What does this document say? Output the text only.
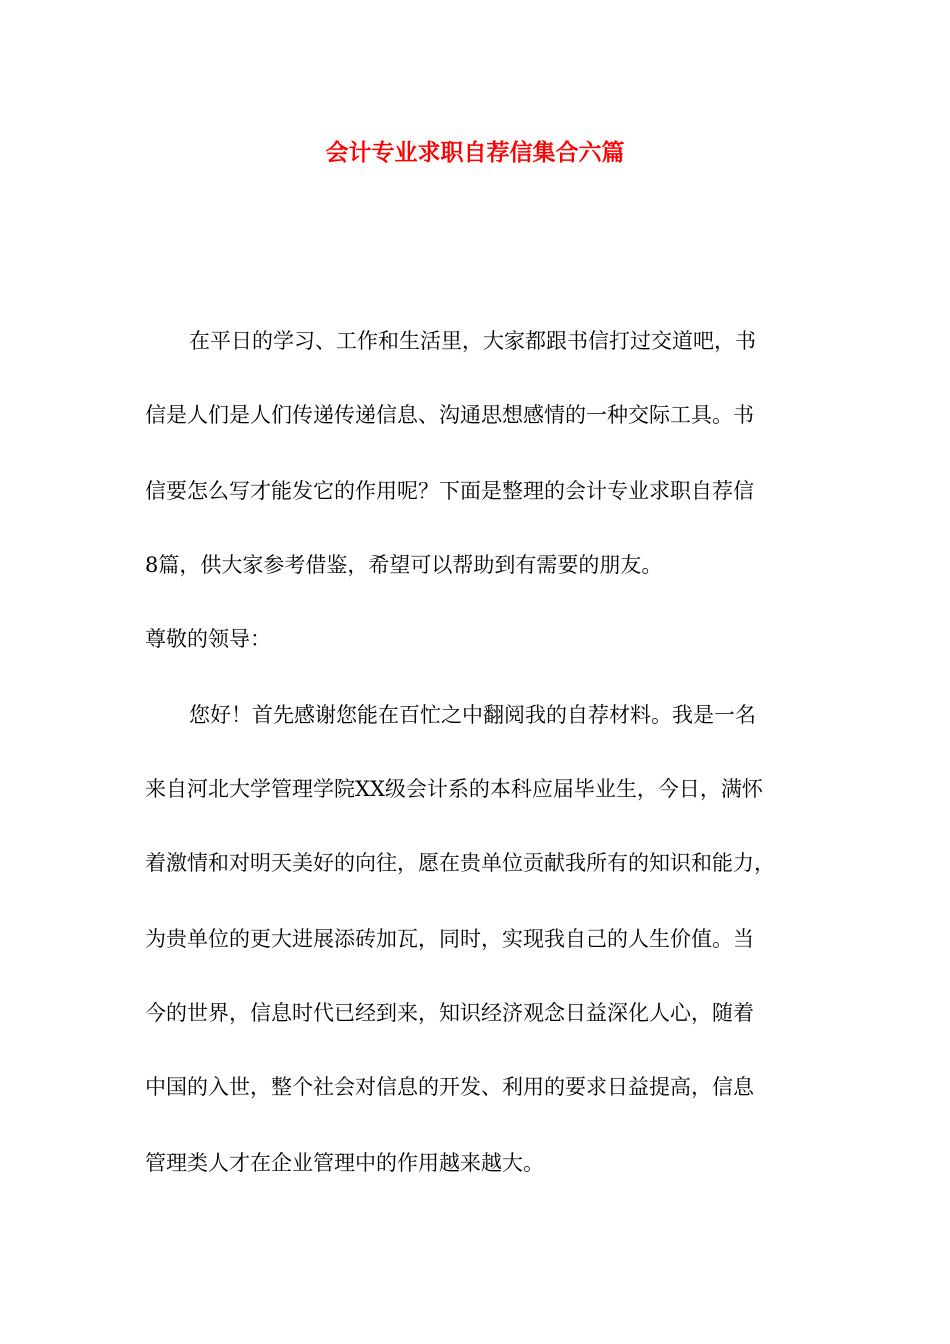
会计专业求职自荐信集合六篇

在平日的学习、工作和生活里，大家都跟书信打过交道吧，书

信是人们是人们传递传递信息、沟通思想感情的一种交际工具。书

信要怎么写才能发它的作用呢？下面是整理的会计专业求职自荐信

8篇，供大家参考借鉴，希望可以帮助到有需要的朋友。

尊敬的领导：

您好！首先感谢您能在百忙之中翻阅我的自荐材料。我是一名

来自河北大学管理学院XX级会计系的本科应届毕业生，今日，满怀

着激情和对明天美好的向往，愿在贵单位贡献我所有的知识和能力，

为贵单位的更大进展添砖加瓦，同时，实现我自己的人生价值。当

今的世界，信息时代已经到来，知识经济观念日益深化人心，随着

中国的入世，整个社会对信息的开发、利用的要求日益提高，信息

管理类人才在企业管理中的作用越来越大。
